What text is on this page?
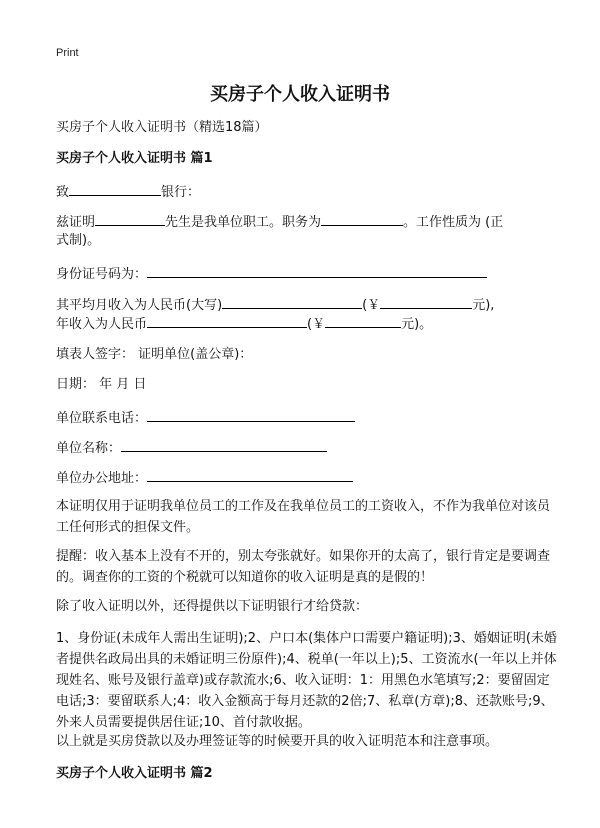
Print
买房子个人收入证明书
买房子个人收入证明书（精选18篇）
买房子个人收入证明书 篇1
致	银行：
兹证明	先生是我单位职工。职务为	。工作性质为 (正
式制)。
身份证号码为：
其平均月收入为人民币(大写)	(￥	元),
年收入为人民币	(￥	元)。
填表人签字： 证明单位(盖公章)：
日期： 年 月 日
单位联系电话：
单位名称：
单位办公地址：
本证明仅用于证明我单位员工的工作及在我单位员工的工资收入，不作为我单位对该员工任何形式的担保文件。
提醒：收入基本上没有不开的，别太夸张就好。如果你开的太高了，银行肯定是要调查的。调查你的工资的个税就可以知道你的收入证明是真的是假的！
除了收入证明以外，还得提供以下证明银行才给贷款：
1、身份证(未成年人需出生证明);2、户口本(集体户口需要户籍证明);3、婚姻证明(未婚者提供名政局出具的未婚证明三份原件);4、税单(一年以上);5、工资流水(一年以上并体现姓名、账号及银行盖章)或存款流水;6、收入证明：1：用黑色水笔填写;2：要留固定电话;3：要留联系人;4：收入金额高于每月还款的2倍;7、私章(方章);8、还款账号;9、外来人员需要提供居住证;10、首付款收据。
以上就是买房贷款以及办理签证等的时候要开具的收入证明范本和注意事项。
买房子个人收入证明书 篇2
